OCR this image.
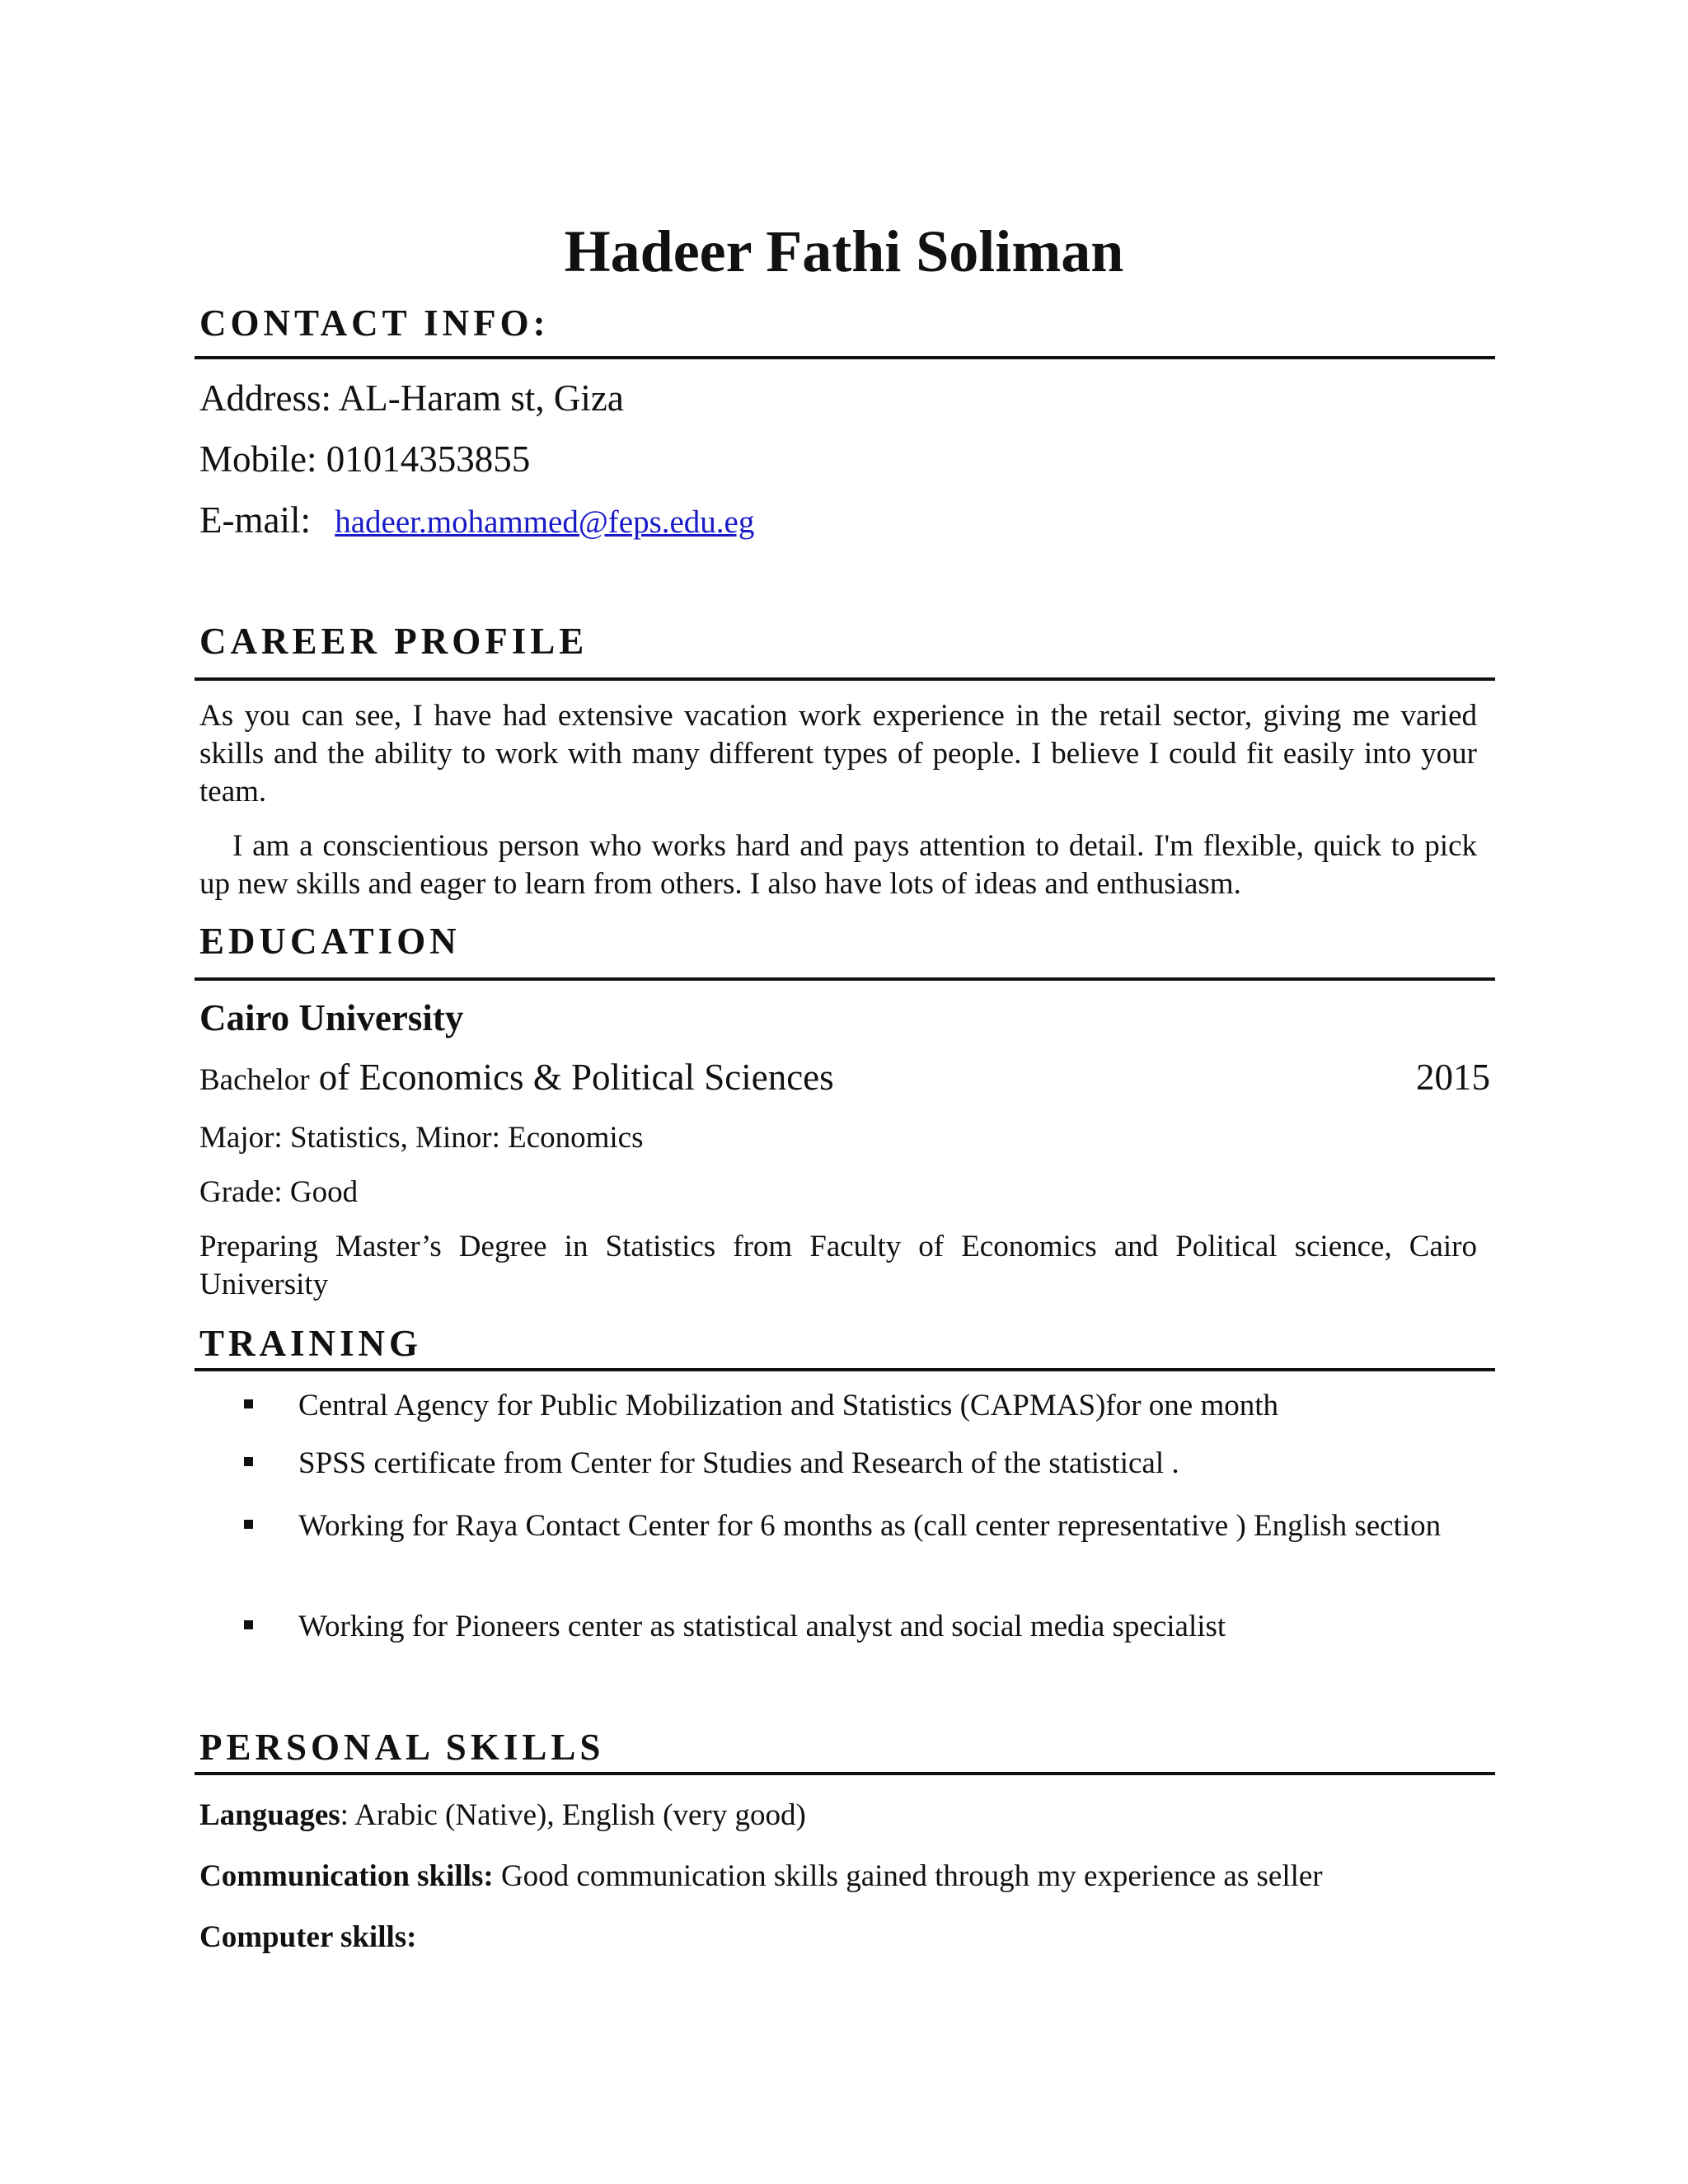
Hadeer Fathi Soliman
CONTACT INFO:
Address: AL-Haram st, Giza
Mobile: 01014353855
E-mail: hadeer.mohammed@feps.edu.eg
CAREER PROFILE
As you can see, I have had extensive vacation work experience in the retail sector, giving me varied skills and the ability to work with many different types of people. I believe I could fit easily into your team.
I am a conscientious person who works hard and pays attention to detail. I'm flexible, quick to pick up new skills and eager to learn from others. I also have lots of ideas and enthusiasm.
EDUCATION
Cairo University
Bachelor of Economics & Political Sciences	2015
Major: Statistics, Minor: Economics
Grade: Good
Preparing Master’s Degree in Statistics from Faculty of Economics and Political science, Cairo University
TRAINING
Central Agency for Public Mobilization and Statistics (CAPMAS)for one month
SPSS certificate from Center for Studies and Research of the statistical .
Working for Raya Contact Center for 6 months as (call center representative ) English section
Working for Pioneers center as statistical analyst and social media specialist
PERSONAL SKILLS
Languages: Arabic (Native), English (very good)
Communication skills: Good communication skills gained through my experience as seller
Computer skills:
